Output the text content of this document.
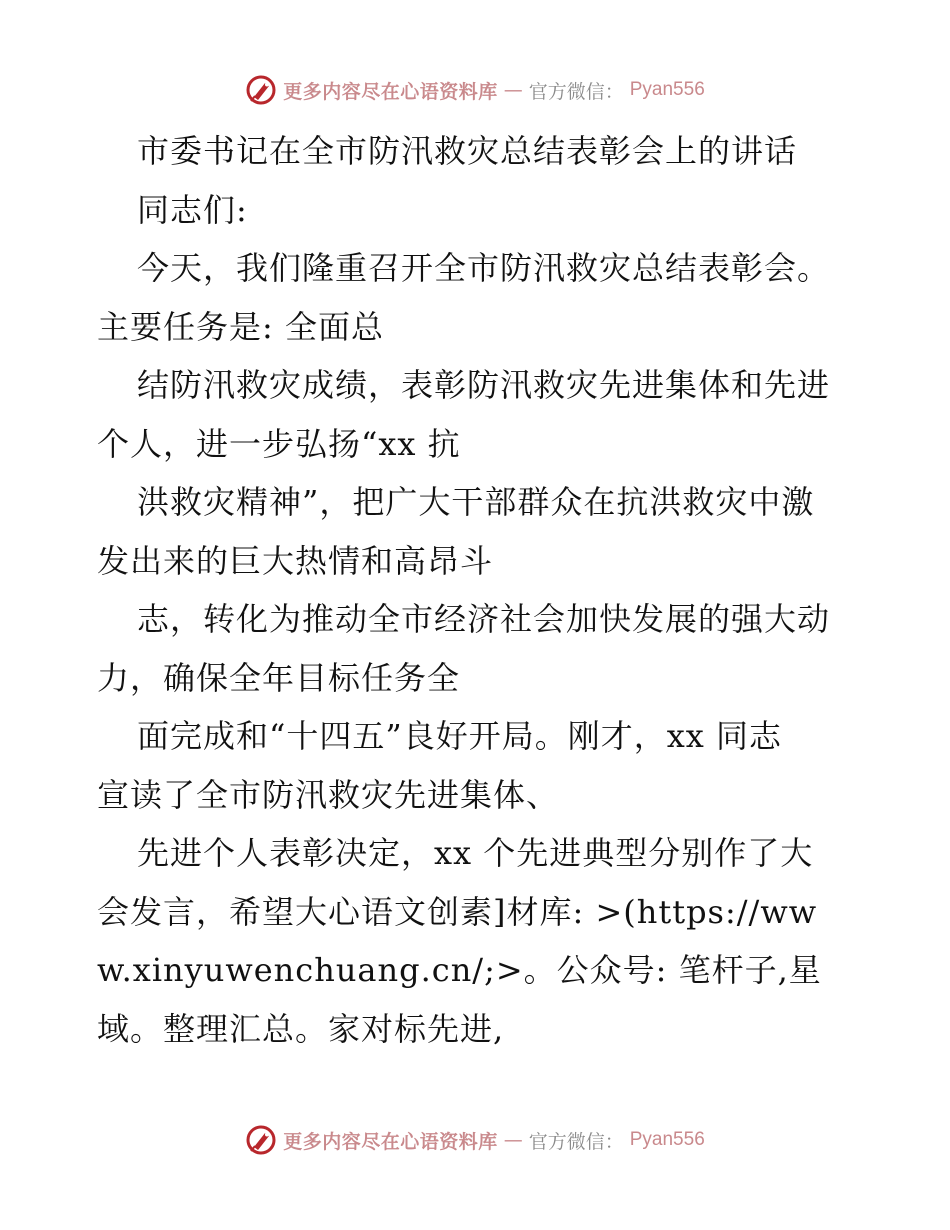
更多内容尽在心语资料库 — 官方微信： Pyan556
市委书记在全市防汛救灾总结表彰会上的讲话
同志们:
今天，我们隆重召开全市防汛救灾总结表彰会。
主要任务是: 全面总
结防汛救灾成绩，表彰防汛救灾先进集体和先进
个人，进一步弘扬“xx 抗
洪救灾精神”，把广大干部群众在抗洪救灾中激
发出来的巨大热情和高昂斗
志，转化为推动全市经济社会加快发展的强大动
力，确保全年目标任务全
面完成和“十四五”良好开局。刚才，xx 同志
宣读了全市防汛救灾先进集体、
先进个人表彰决定，xx 个先进典型分别作了大
会发言，希望大心语文创素]材库: >(https://ww
w.xinyuwenchuang.cn/;>。公众号: 笔杆子,星
域。整理汇总。家对标先进,
更多内容尽在心语资料库 — 官方微信： Pyan556
